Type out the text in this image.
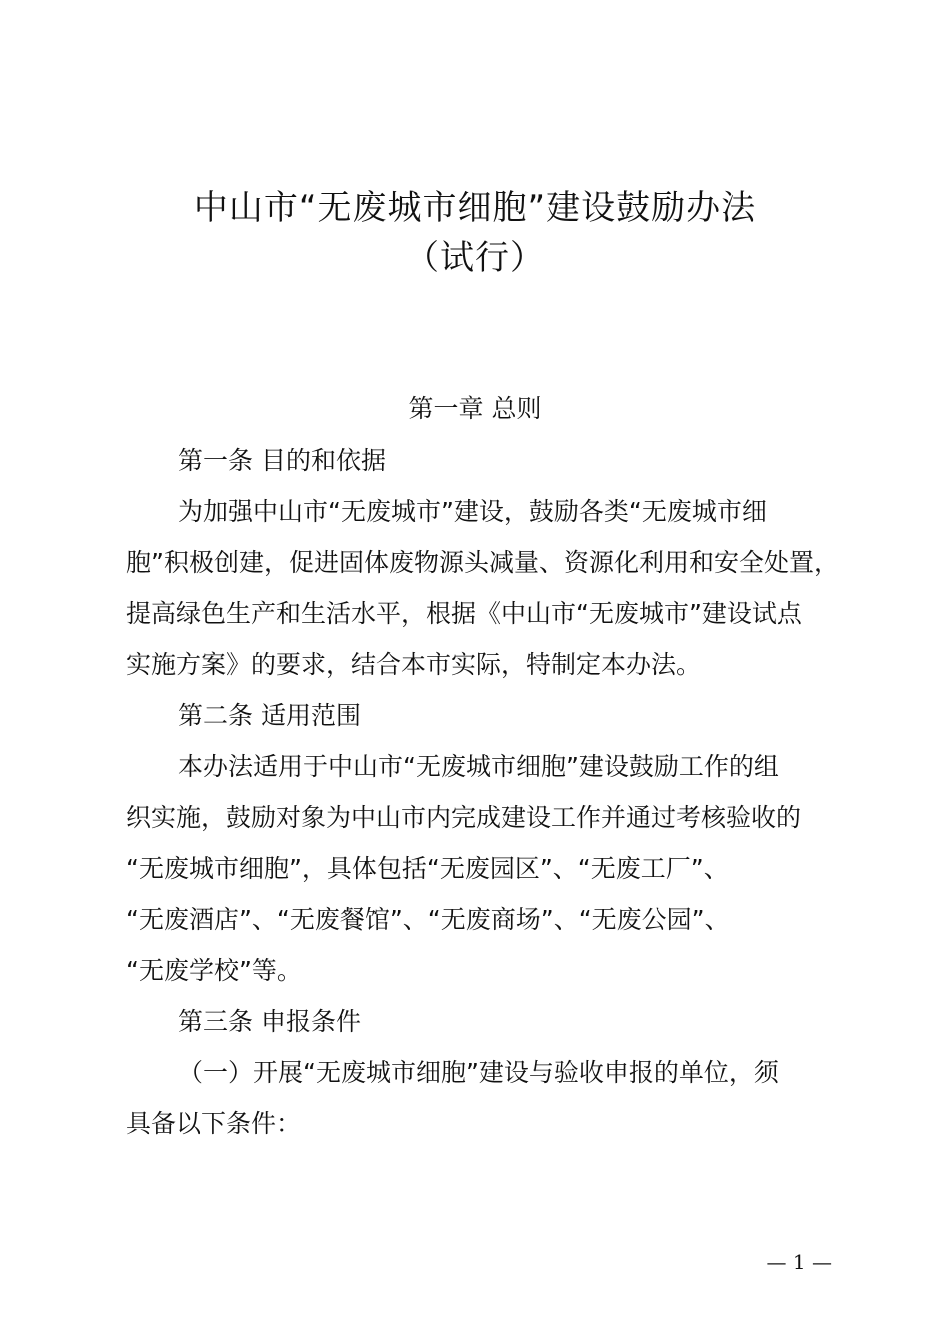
中山市“无废城市细胞”建设鼓励办法
（试行）
第一章 总则
第一条 目的和依据
为加强中山市“无废城市”建设，鼓励各类“无废城市细
胞”积极创建，促进固体废物源头减量、资源化利用和安全处置，
提高绿色生产和生活水平，根据《中山市“无废城市”建设试点
实施方案》的要求，结合本市实际，特制定本办法。
第二条 适用范围
本办法适用于中山市“无废城市细胞”建设鼓励工作的组
织实施，鼓励对象为中山市内完成建设工作并通过考核验收的
“无废城市细胞”，具体包括“无废园区”、“无废工厂”、
“无废酒店”、“无废餐馆”、“无废商场”、“无废公园”、
“无废学校”等。
第三条 申报条件
（一）开展“无废城市细胞”建设与验收申报的单位，须
具备以下条件：
— 1 —
